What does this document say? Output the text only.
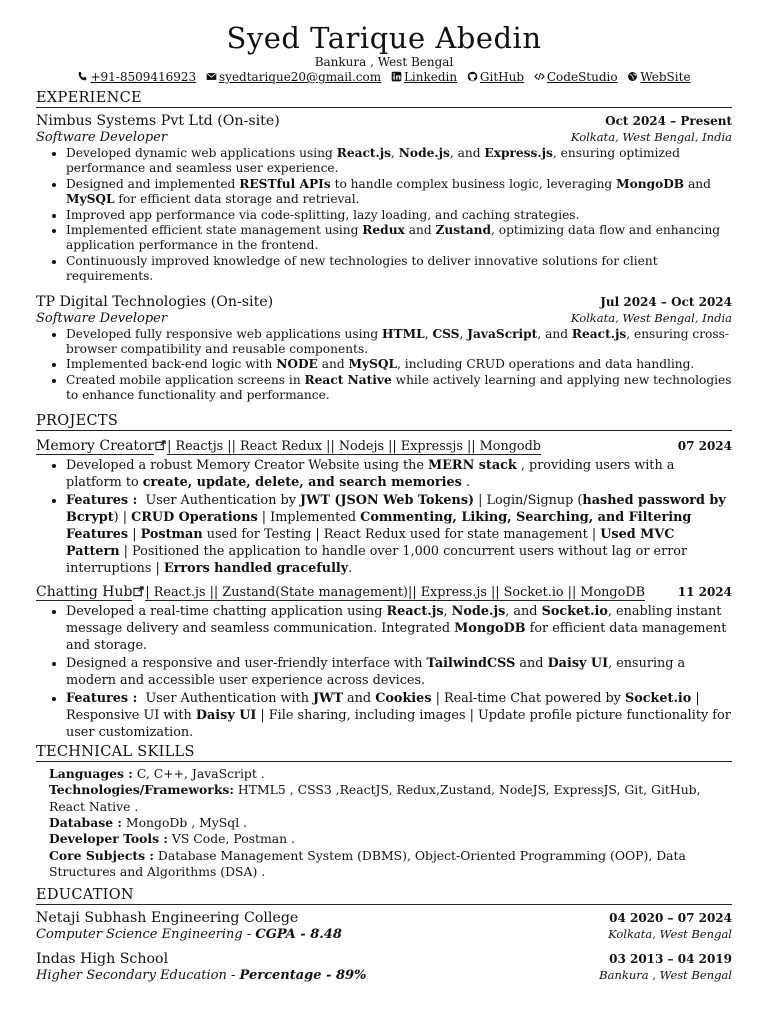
Syed Tarique Abedin
Bankura , West Bengal
+91-8509416923 syedtarique20@gmail.com Linkedin GitHub CodeStudio WebSite
EXPERIENCE
Nimbus Systems Pvt Ltd (On-site)	Oct 2024 – Present
Software Developer	Kolkata, West Bengal, India
• Developed dynamic web applications using React.js, Node.js, and Express.js, ensuring optimized performance and seamless user experience.
• Designed and implemented RESTful APIs to handle complex business logic, leveraging MongoDB and MySQL for efficient data storage and retrieval.
• Improved app performance via code-splitting, lazy loading, and caching strategies.
• Implemented efficient state management using Redux and Zustand, optimizing data flow and enhancing application performance in the frontend.
• Continuously improved knowledge of new technologies to deliver innovative solutions for client requirements.
TP Digital Technologies (On-site)	Jul 2024 – Oct 2024
Software Developer	Kolkata, West Bengal, India
• Developed fully responsive web applications using HTML, CSS, JavaScript, and React.js, ensuring cross-browser compatibility and reusable components.
• Implemented back-end logic with NODE and MySQL, including CRUD operations and data handling.
• Created mobile application screens in React Native while actively learning and applying new technologies to enhance functionality and performance.
PROJECTS
Memory Creator | Reactjs || React Redux || Nodejs || Expressjs || Mongodb	07 2024
• Developed a robust Memory Creator Website using the MERN stack , providing users with a platform to create, update, delete, and search memories .
• Features :  User Authentication by JWT (JSON Web Tokens) | Login/Signup (hashed password by Bcrypt) | CRUD Operations | Implemented Commenting, Liking, Searching, and Filtering Features | Postman used for Testing | React Redux used for state management | Used MVC Pattern | Positioned the application to handle over 1,000 concurrent users without lag or error interruptions | Errors handled gracefully.
Chatting Hub | React.js || Zustand(State management)|| Express.js || Socket.io || MongoDB	11 2024
• Developed a real-time chatting application using React.js, Node.js, and Socket.io, enabling instant message delivery and seamless communication. Integrated MongoDB for efficient data management and storage.
• Designed a responsive and user-friendly interface with TailwindCSS and Daisy UI, ensuring a modern and accessible user experience across devices.
• Features :  User Authentication with JWT and Cookies | Real-time Chat powered by Socket.io | Responsive UI with Daisy UI | File sharing, including images | Update profile picture functionality for user customization.
TECHNICAL SKILLS
Languages : C, C++, JavaScript .
Technologies/Frameworks: HTML5 , CSS3 ,ReactJS, Redux,Zustand, NodeJS, ExpressJS, Git, GitHub, React Native .
Database : MongoDb , MySql .
Developer Tools : VS Code, Postman .
Core Subjects : Database Management System (DBMS), Object-Oriented Programming (OOP), Data Structures and Algorithms (DSA) .
EDUCATION
Netaji Subhash Engineering College	04 2020 – 07 2024
Computer Science Engineering - CGPA - 8.48	Kolkata, West Bengal
Indas High School	03 2013 – 04 2019
Higher Secondary Education - Percentage - 89%	Bankura , West Bengal
